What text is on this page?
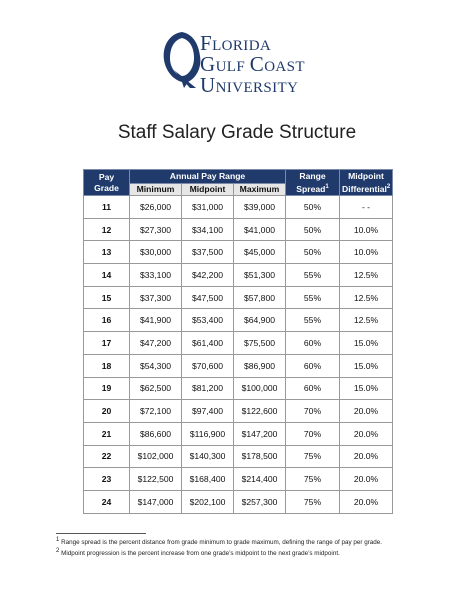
FLORIDA
GULF COAST
UNIVERSITY
Staff Salary Grade Structure
Pay Grade	Annual Pay Range			Range Spread$^1$	Midpoint Differential$^2$
	Minimum	Midpoint	Maximum		
11	$26,000	$31,000	$39,000	50%	- -
12	$27,300	$34,100	$41,000	50%	10.0%
13	$30,000	$37,500	$45,000	50%	10.0%
14	$33,100	$42,200	$51,300	55%	12.5%
15	$37,300	$47,500	$57,800	55%	12.5%
16	$41,900	$53,400	$64,900	55%	12.5%
17	$47,200	$61,400	$75,500	60%	15.0%
18	$54,300	$70,600	$86,900	60%	15.0%
19	$62,500	$81,200	$100,000	60%	15.0%
20	$72,100	$97,400	$122,600	70%	20.0%
21	$86,600	$116,900	$147,200	70%	20.0%
22	$102,000	$140,300	$178,500	75%	20.0%
23	$122,500	$168,400	$214,400	75%	20.0%
24	$147,000	$202,100	$257,300	75%	20.0%
$^1$ Range spread is the percent distance from grade minimum to grade maximum, defining the range of pay per grade.
$^2$ Midpoint progression is the percent increase from one grade’s midpoint to the next grade’s midpoint.
